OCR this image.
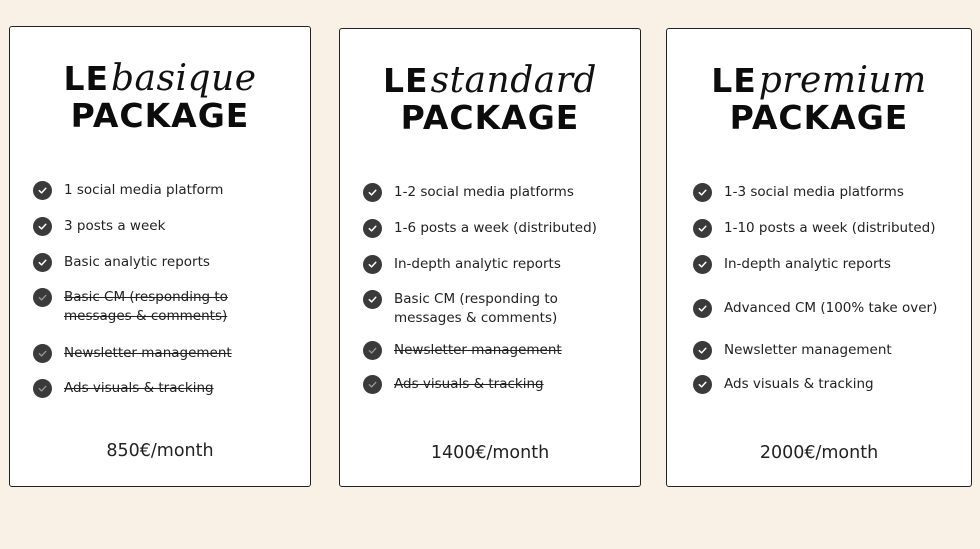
LEbasique
PACKAGE
1 social media platform
3 posts a week
Basic analytic reports
Basic CM (responding to
messages & comments)
Newsletter management
Ads visuals & tracking
850€/month
LEstandard
PACKAGE
1-2 social media platforms
1-6 posts a week (distributed)
In-depth analytic reports
Basic CM (responding to
messages & comments)
Newsletter management
Ads visuals & tracking
1400€/month
LEpremium
PACKAGE
1-3 social media platforms
1-10 posts a week (distributed)
In-depth analytic reports
Advanced CM (100% take over)
Newsletter management
Ads visuals & tracking
2000€/month
